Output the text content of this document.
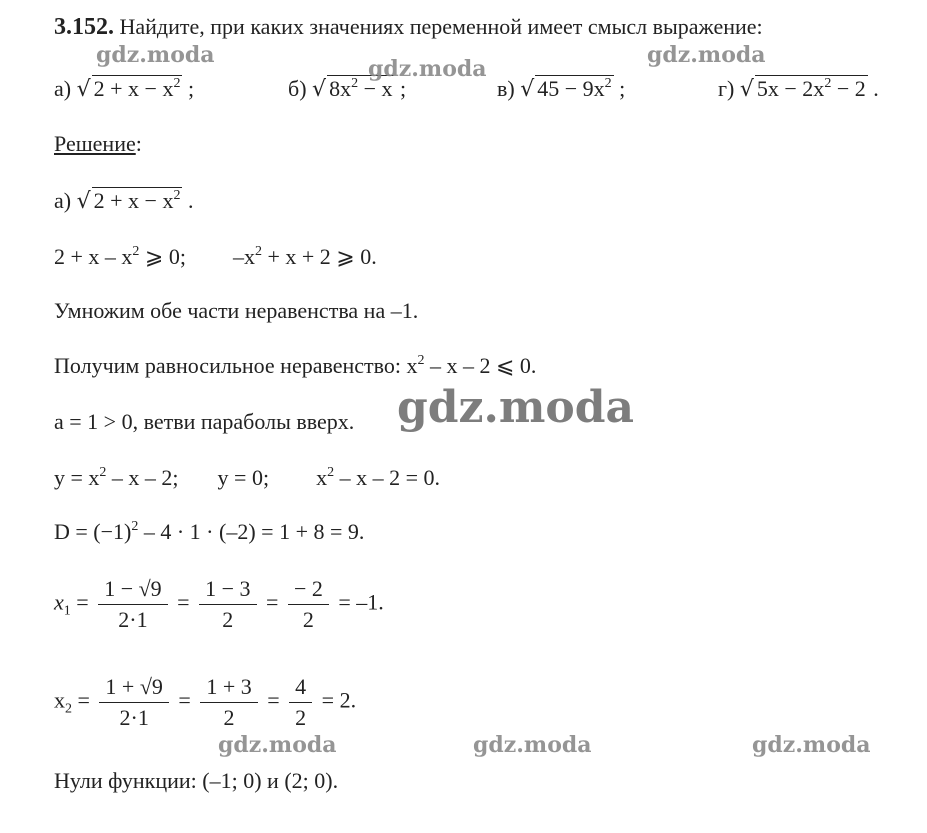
3.152. Найдите, при каких значениях переменной имеет смысл выражение:
а) √ $2 + x - x^2$ ;	б) √ $8x^2 - x$ ;	в) √ $45 - 9x^2$ ;	г) √ $5x - 2x^2 - 2$ .
Решение:
а) √ $2 + x - x^2$ .
$2 + x - x^2$ ⩾ 0; $-x^2 + x + 2$ ⩾ 0.
Умножим обе части неравенства на –1.
Получим равносильное неравенство: $x^2$ – x – 2 ⩽ 0.
a = 1 > 0, ветви параболы вверх.
$y = x^2 - x - 2$; y = 0; $x^2 - x - 2 = 0$.
$D = (-1)^2 - 4 \cdot 1 \cdot (-2) = 1 + 8 = 9$.
$x_1 = \frac{1 - √9}{2\cdot 1} = \frac{1 - 3}{2} = \frac{- 2}{2} = -1$.
$x_2 = \frac{1 + √9}{2\cdot 1} = \frac{1 + 3}{2} = \frac{4}{2} = 2$.
Нули функции: (–1; 0) и (2; 0).
gdz.moda
gdz.moda
gdz.moda
gdz.moda
gdz.moda	gdz.moda	gdz.moda
